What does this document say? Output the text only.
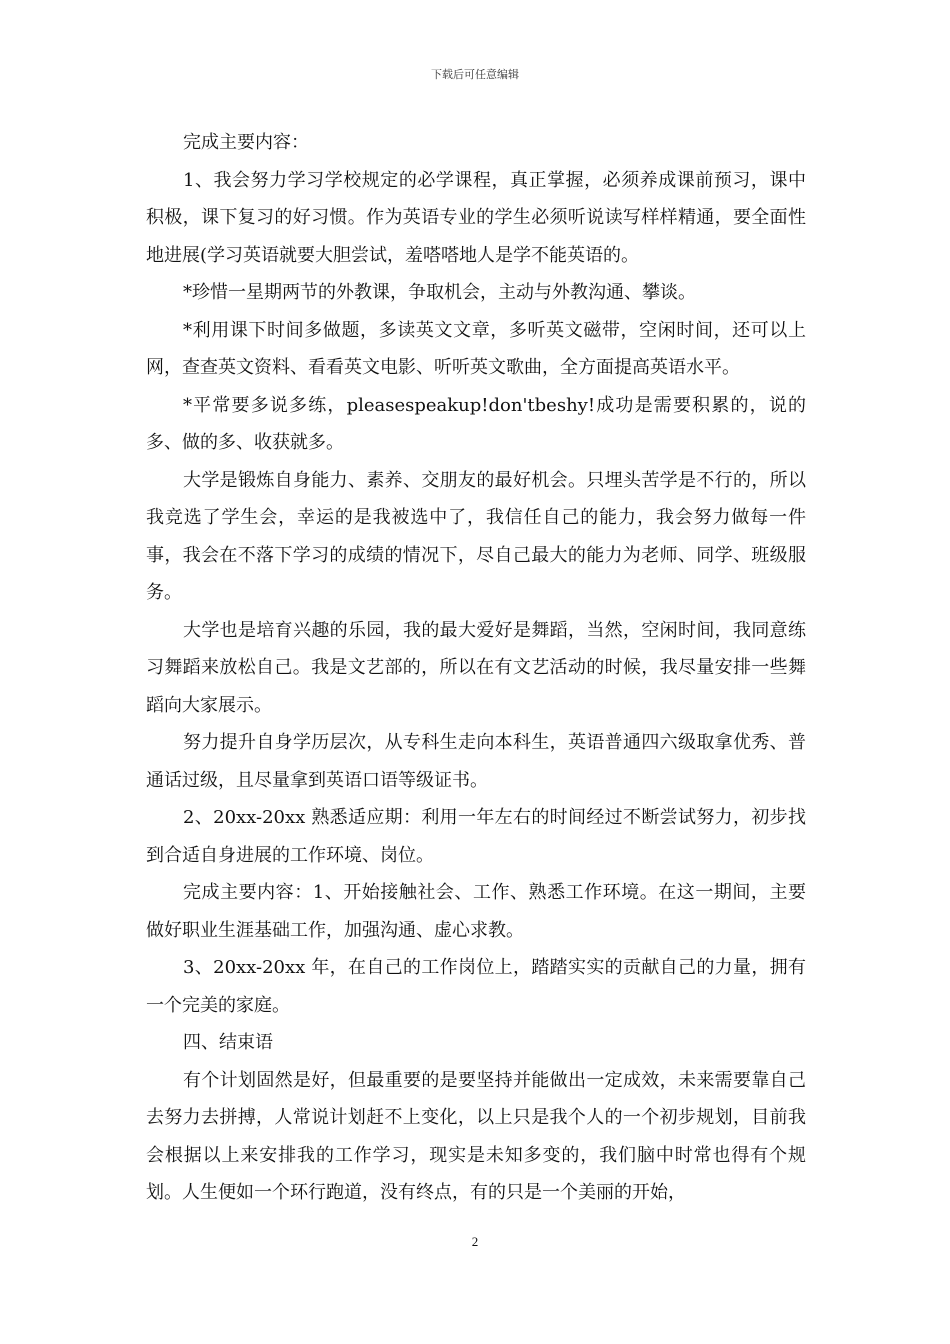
下载后可任意编辑

完成主要内容：

1、我会努力学习学校规定的必学课程，真正掌握，必须养成课前预习，课中积极，课下复习的好习惯。作为英语专业的学生必须听说读写样样精通，要全面性地进展(学习英语就要大胆尝试，羞嗒嗒地人是学不能英语的。

*珍惜一星期两节的外教课，争取机会，主动与外教沟通、攀谈。

*利用课下时间多做题，多读英文文章，多听英文磁带，空闲时间，还可以上网，查查英文资料、看看英文电影、听听英文歌曲，全方面提高英语水平。

*平常要多说多练，pleasespeakup!don'tbeshy!成功是需要积累的，说的多、做的多、收获就多。

大学是锻炼自身能力、素养、交朋友的最好机会。只埋头苦学是不行的，所以我竞选了学生会，幸运的是我被选中了，我信任自己的能力，我会努力做每一件事，我会在不落下学习的成绩的情况下，尽自己最大的能力为老师、同学、班级服务。

大学也是培育兴趣的乐园，我的最大爱好是舞蹈，当然，空闲时间，我同意练习舞蹈来放松自己。我是文艺部的，所以在有文艺活动的时候，我尽量安排一些舞蹈向大家展示。

努力提升自身学历层次，从专科生走向本科生，英语普通四六级取拿优秀、普通话过级，且尽量拿到英语口语等级证书。

2、20xx-20xx 熟悉适应期：利用一年左右的时间经过不断尝试努力，初步找到合适自身进展的工作环境、岗位。

完成主要内容：1、开始接触社会、工作、熟悉工作环境。在这一期间，主要做好职业生涯基础工作，加强沟通、虚心求教。

3、20xx-20xx 年，在自己的工作岗位上，踏踏实实的贡献自己的力量，拥有一个完美的家庭。

四、结束语

有个计划固然是好，但最重要的是要坚持并能做出一定成效，未来需要靠自己去努力去拼搏，人常说计划赶不上变化，以上只是我个人的一个初步规划，目前我会根据以上来安排我的工作学习，现实是未知多变的，我们脑中时常也得有个规划。人生便如一个环行跑道，没有终点，有的只是一个美丽的开始，

2
